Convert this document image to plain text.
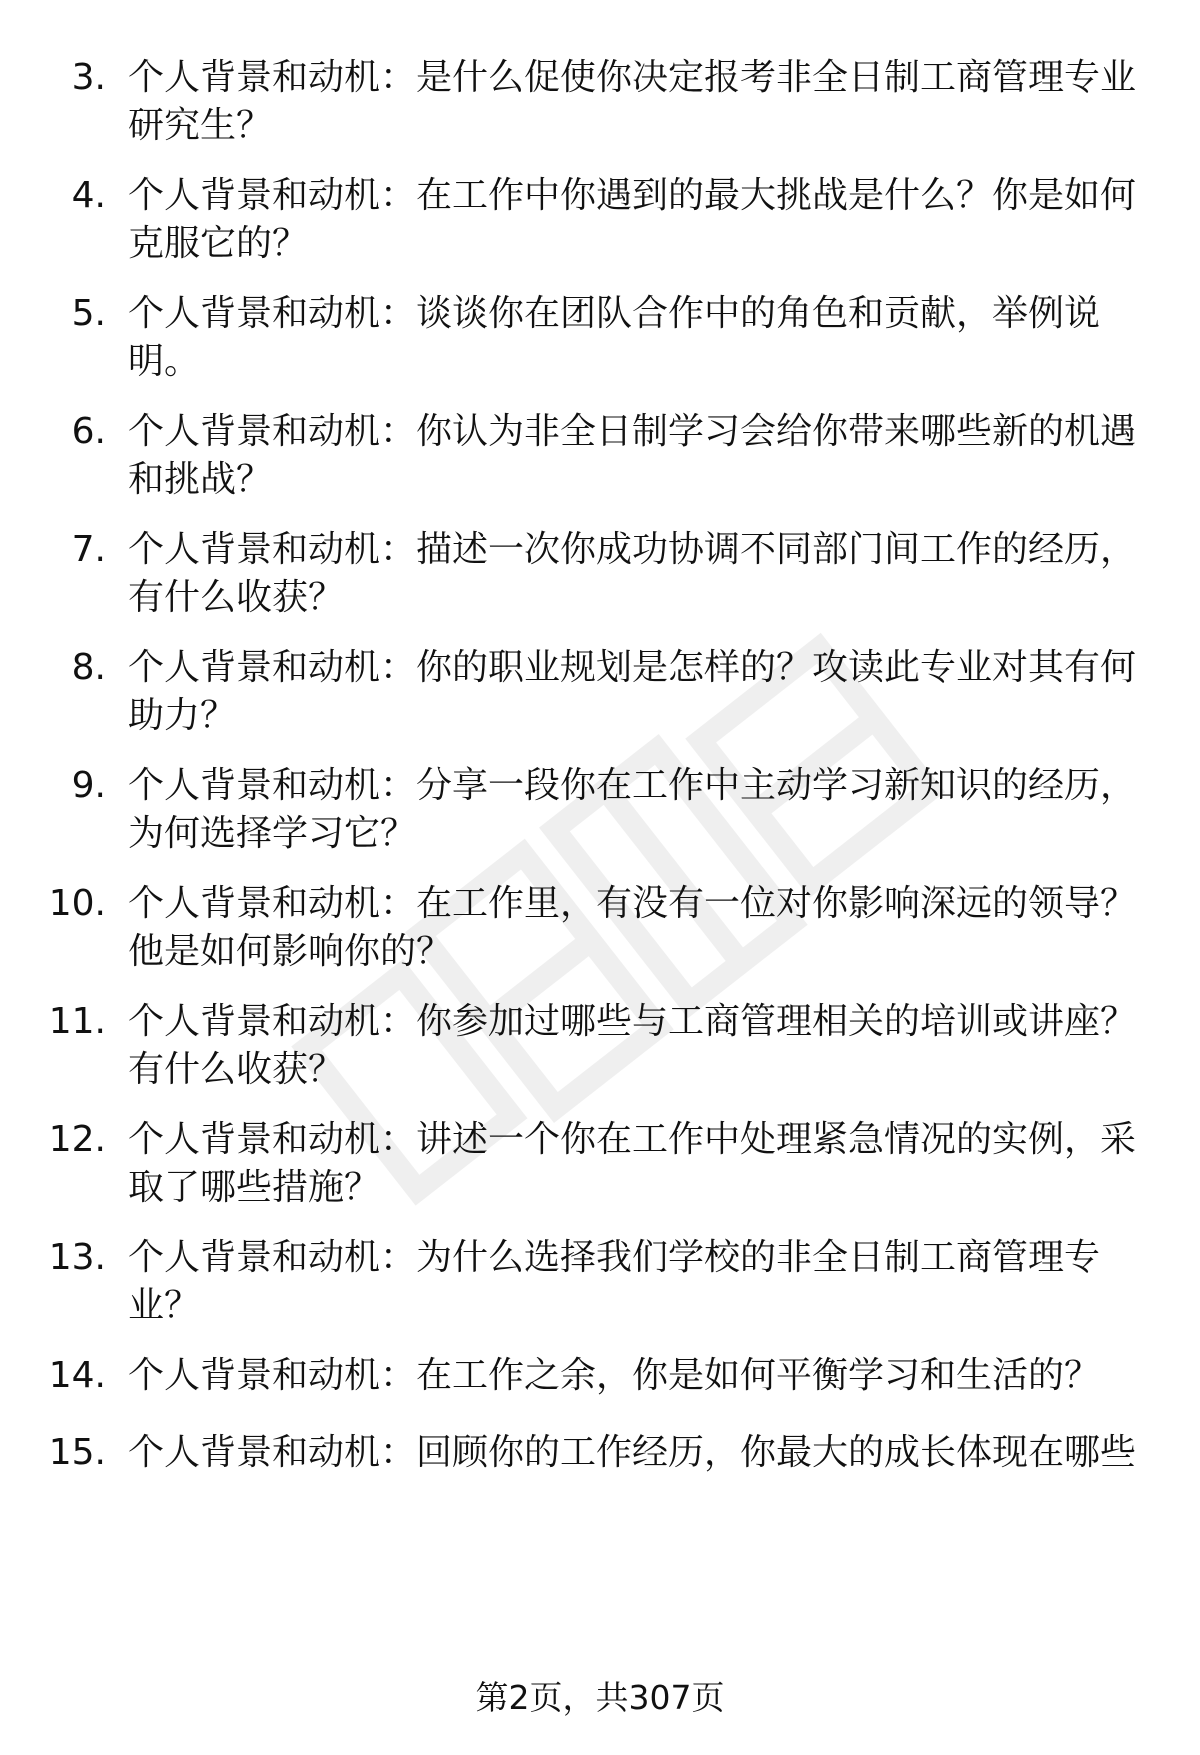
3. 个人背景和动机：是什么促使你决定报考非全日制工商管理专业研究生？
4. 个人背景和动机：在工作中你遇到的最大挑战是什么？你是如何克服它的？
5. 个人背景和动机：谈谈你在团队合作中的角色和贡献，举例说明。
6. 个人背景和动机：你认为非全日制学习会给你带来哪些新的机遇和挑战？
7. 个人背景和动机：描述一次你成功协调不同部门间工作的经历，有什么收获？
8. 个人背景和动机：你的职业规划是怎样的？攻读此专业对其有何助力？
9. 个人背景和动机：分享一段你在工作中主动学习新知识的经历，为何选择学习它？
10. 个人背景和动机：在工作里，有没有一位对你影响深远的领导？他是如何影响你的？
11. 个人背景和动机：你参加过哪些与工商管理相关的培训或讲座？有什么收获？
12. 个人背景和动机：讲述一个你在工作中处理紧急情况的实例，采取了哪些措施？
13. 个人背景和动机：为什么选择我们学校的非全日制工商管理专业？
14. 个人背景和动机：在工作之余，你是如何平衡学习和生活的？
15. 个人背景和动机：回顾你的工作经历，你最大的成长体现在哪些
第2页，共307页
